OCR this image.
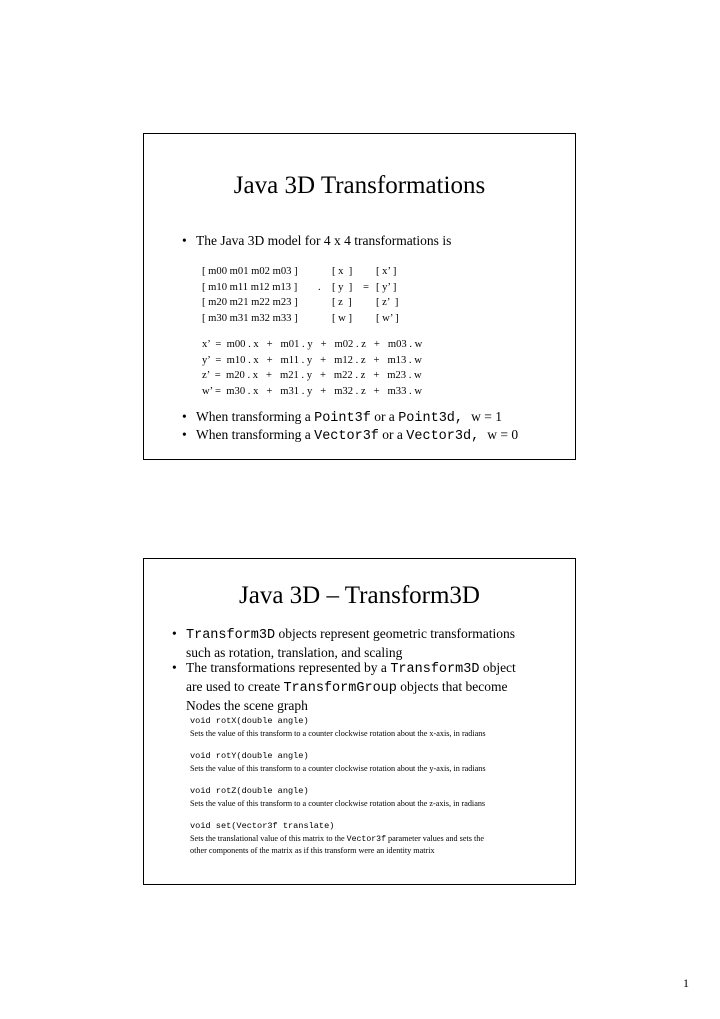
Java 3D Transformations
• The Java 3D model for 4 x 4 transformations is
[ m00 m01 m02 m03 ]
[ m10 m11 m12 m13 ]
[ m20 m21 m22 m23 ]
[ m30 m31 m32 m33 ]
.
[ x  ]
[ y  ]
[ z  ]
[ w ]
=
[ x’ ]
[ y’ ]
[ z’  ]
[ w’ ]
x’  =  m00 . x   +   m01 . y   +   m02 . z   +   m03 . w
y’  =  m10 . x   +   m11 . y   +   m12 . z   +   m13 . w
z’  =  m20 . x   +   m21 . y   +   m22 . z   +   m23 . w
w’ =  m30 . x   +   m31 . y   +   m32 . z   +   m33 . w
• When transforming a Point3f or a Point3d, w = 1
• When transforming a Vector3f or a Vector3d, w = 0
Java 3D – Transform3D
• Transform3D objects represent geometric transformations
such as rotation, translation, and scaling
• The transformations represented by a Transform3D object
are used to create TransformGroup objects that become
Nodes the scene graph
void rotX(double angle)
Sets the value of this transform to a counter clockwise rotation about the x-axis, in radians
void rotY(double angle)
Sets the value of this transform to a counter clockwise rotation about the y-axis, in radians
void rotZ(double angle)
Sets the value of this transform to a counter clockwise rotation about the z-axis, in radians
void set(Vector3f translate)
Sets the translational value of this matrix to the Vector3f parameter values and sets the
other components of the matrix as if this transform were an identity matrix
1
